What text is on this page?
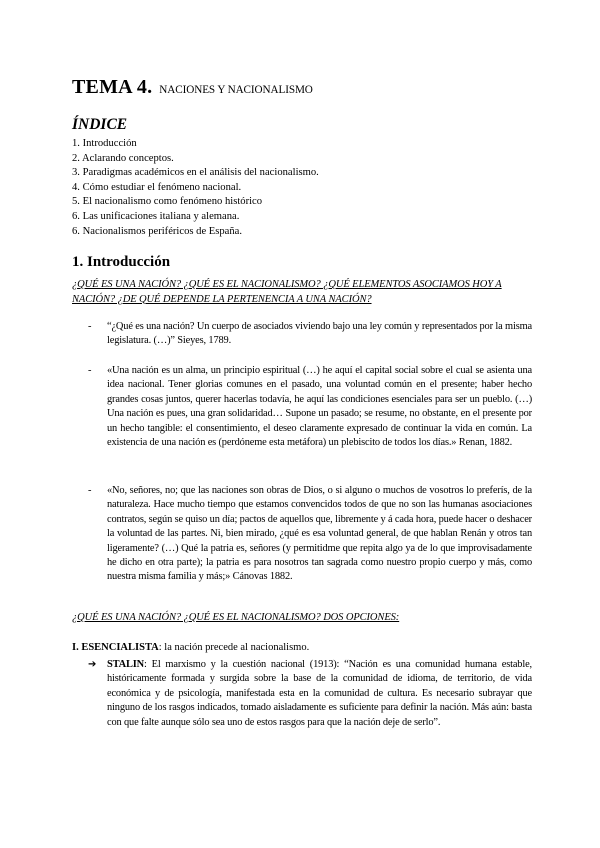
TEMA 4. NACIONES Y NACIONALISMO
ÍNDICE
1. Introducción
2. Aclarando conceptos.
3. Paradigmas académicos en el análisis del nacionalismo.
4. Cómo estudiar el fenómeno nacional.
5. El nacionalismo como fenómeno histórico
6. Las unificaciones italiana y alemana.
6. Nacionalismos periféricos de España.
1. Introducción
¿QUÉ ES UNA NACIÓN? ¿QUÉ ES EL NACIONALISMO? ¿QUÉ ELEMENTOS ASOCIAMOS HOY A NACIÓN? ¿DE QUÉ DEPENDE LA PERTENENCIA A UNA NACIÓN?
- “¿Qué es una nación? Un cuerpo de asociados viviendo bajo una ley común y representados por la misma legislatura. (…)” Sieyes, 1789.
- «Una nación es un alma, un principio espiritual (…) he aquí el capital social sobre el cual se asienta una idea nacional. Tener glorias comunes en el pasado, una voluntad común en el presente; haber hecho grandes cosas juntos, querer hacerlas todavía, he aquí las condiciones esenciales para ser un pueblo. (…) Una nación es pues, una gran solidaridad… Supone un pasado; se resume, no obstante, en el presente por un hecho tangible: el consentimiento, el deseo claramente expresado de continuar la vida en común. La existencia de una nación es (perdóneme esta metáfora) un plebiscito de todos los días.» Renan, 1882.
- «No, señores, no; que las naciones son obras de Dios, o si alguno o muchos de vosotros lo preferís, de la naturaleza. Hace mucho tiempo que estamos convencidos todos de que no son las humanas asociaciones contratos, según se quiso un día; pactos de aquellos que, libremente y á cada hora, puede hacer o deshacer la voluntad de las partes. Ni, bien mirado, ¿qué es esa voluntad general, de que hablan Renán y otros tan ligeramente? (…) Qué la patria es, señores (y permitidme que repita algo ya de lo que improvisadamente he dicho en otra parte); la patria es para nosotros tan sagrada como nuestro propio cuerpo y más, como nuestra misma familia y más;» Cánovas 1882.
¿QUÉ ES UNA NACIÓN? ¿QUÉ ES EL NACIONALISMO? DOS OPCIONES:
I. ESENCIALISTA: la nación precede al nacionalismo.
➔ STALIN: El marxismo y la cuestión nacional (1913): “Nación es una comunidad humana estable, históricamente formada y surgida sobre la base de la comunidad de idioma, de territorio, de vida económica y de psicología, manifestada esta en la comunidad de cultura. Es necesario subrayar que ninguno de los rasgos indicados, tomado aisladamente es suficiente para definir la nación. Más aún: basta con que falte aunque sólo sea uno de estos rasgos para que la nación deje de serlo”.
